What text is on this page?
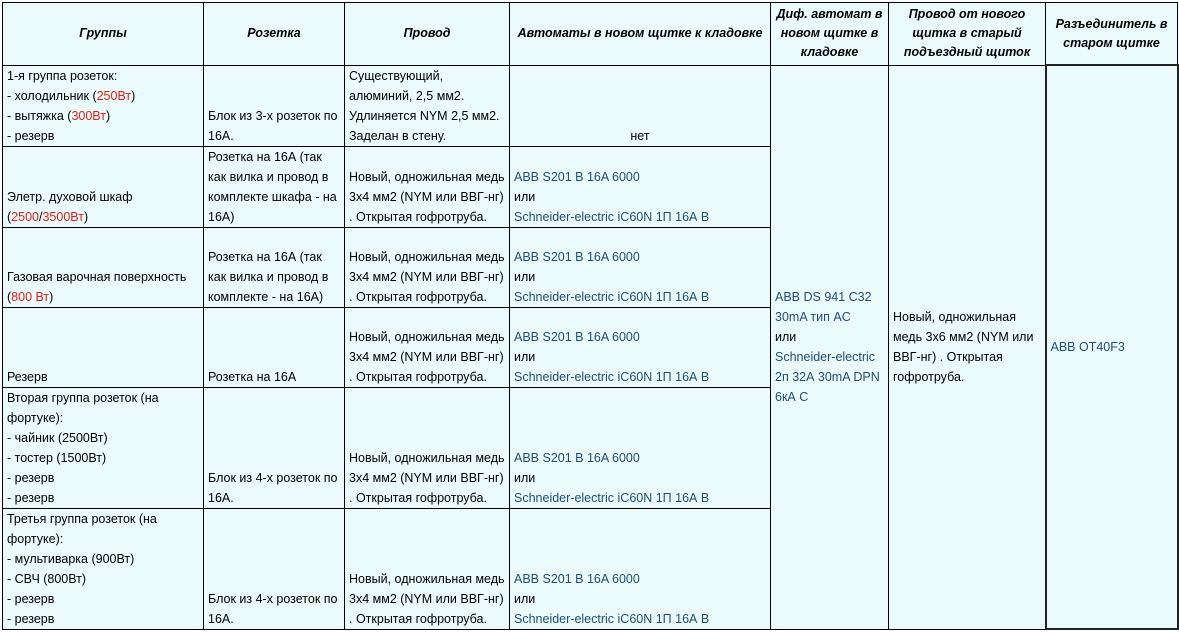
Группы	Розетка	Провод	Автоматы в новом щитке к кладовке	Диф. автомат в новом щитке в кладовке	Провод от нового щитка в старый подъездный щиток	Разъединитель в старом щитке

1-я группа розеток:
- холодильник (250Вт)
- вытяжка (300Вт)
- резерв	Блок из 3-х розеток по 16А.	Существующий, алюминий, 2,5 мм2. Удлиняется NYM 2,5 мм2. Заделан в стену.	нет	ABB DS 941 C32 30mA тип AC
или
Schneider-electric 2п 32А 30mA DPN 6кА C	Новый, одножильная медь 3х6 мм2 (NYM или ВВГ-нг) . Открытая гофротруба.	ABB OT40F3

Элетр. духовой шкаф
(2500/3500Вт)	Розетка на 16А (так как вилка и провод в комплекте шкафа - на 16А)	Новый, одножильная медь 3х4 мм2 (NYM или ВВГ-нг) . Открытая гофротруба.	ABB S201 B 16A 6000
или
Schneider-electric iC60N 1П 16А B			

Газовая варочная поверхность
(800 Вт)	Розетка на 16А (так как вилка и провод в комплекте - на 16А)	Новый, одножильная медь 3х4 мм2 (NYM или ВВГ-нг) . Открытая гофротруба.	ABB S201 B 16A 6000
или
Schneider-electric iC60N 1П 16А B			

Резерв	Розетка на 16А	Новый, одножильная медь 3х4 мм2 (NYM или ВВГ-нг) . Открытая гофротруба.	ABB S201 B 16A 6000
или
Schneider-electric iC60N 1П 16А B			

Вторая группа розеток (на фортуке):
- чайник (2500Вт)
- тостер (1500Вт)
- резерв
- резерв	Блок из 4-х розеток по 16А.	Новый, одножильная медь 3х4 мм2 (NYM или ВВГ-нг) . Открытая гофротруба.	ABB S201 B 16A 6000
или
Schneider-electric iC60N 1П 16А B			

Третья группа розеток (на фортуке):
- мультиварка (900Вт)
- СВЧ (800Вт)
- резерв
- резерв	Блок из 4-х розеток по 16А.	Новый, одножильная медь 3х4 мм2 (NYM или ВВГ-нг) . Открытая гофротруба.	ABB S201 B 16A 6000
или
Schneider-electric iC60N 1П 16А B			
